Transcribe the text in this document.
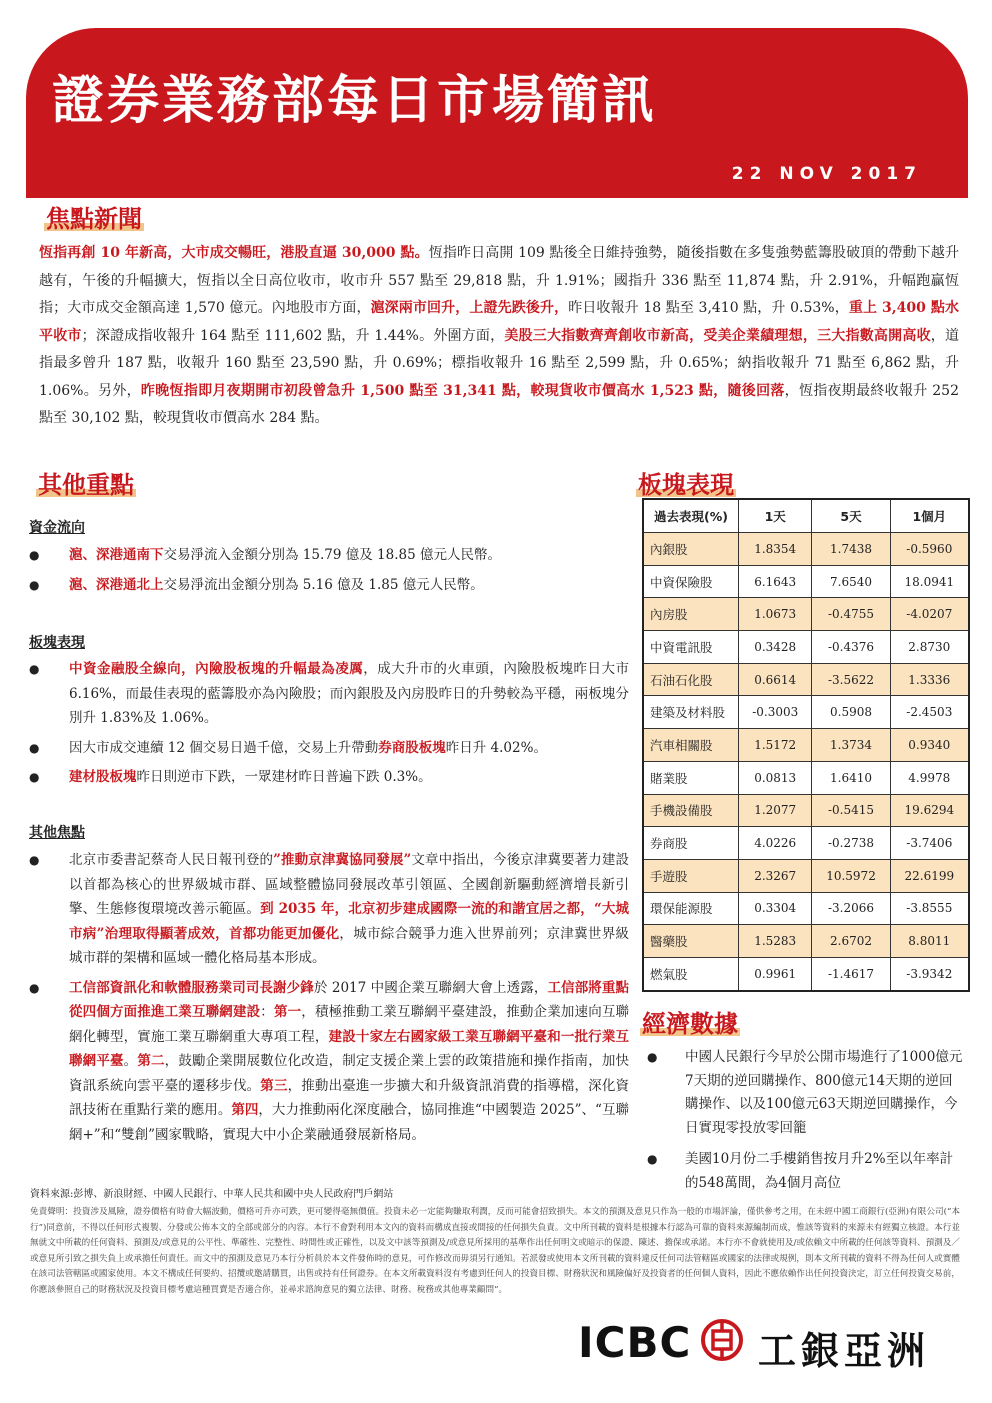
證券業務部每日市場簡訊
22 NOV 2017
焦點新聞
恆指再創 10 年新高，大市成交暢旺，港股直逼 30,000 點。恆指昨日高開 109 點後全日維持強勢，隨後指數在多隻強勢藍籌股破頂的帶動下越升越有，午後的升幅擴大，恆指以全日高位收市，收市升 557 點至 29,818 點，升 1.91%；國指升 336 點至 11,874 點，升 2.91%，升幅跑贏恆指；大市成交金額高達 1,570 億元。內地股市方面，滬深兩市回升，上證先跌後升，昨日收報升 18 點至 3,410 點，升 0.53%，重上 3,400 點水平收市；深證成指收報升 164 點至 111,602 點，升 1.44%。外圍方面，美股三大指數齊齊創收市新高，受美企業績理想，三大指數高開高收，道指最多曾升 187 點，收報升 160 點至 23,590 點，升 0.69%；標指收報升 16 點至 2,599 點，升 0.65%；納指收報升 71 點至 6,862 點，升 1.06%。另外，昨晚恆指即月夜期開市初段曾急升 1,500 點至 31,341 點，較現貨收市價高水 1,523 點，隨後回落，恆指夜期最終收報升 252 點至 30,102 點，較現貨收市價高水 284 點。
其他重點
資金流向
● 滬、深港通南下交易淨流入金額分別為 15.79 億及 18.85 億元人民幣。
● 滬、深港通北上交易淨流出金額分別為 5.16 億及 1.85 億元人民幣。
板塊表現
● 中資金融股全線向，內險股板塊的升幅最為凌厲，成大升市的火車頭，內險股板塊昨日大市 6.16%，而最佳表現的藍籌股亦為內險股；而內銀股及內房股昨日的升勢較為平穩，兩板塊分別升 1.83%及 1.06%。
● 因大市成交連續 12 個交易日過千億，交易上升帶動券商股板塊昨日升 4.02%。
● 建材股板塊昨日則逆市下跌，一眾建材昨日普遍下跌 0.3%。
其他焦點
● 北京市委書記蔡奇人民日報刊登的”推動京津冀協同發展”文章中指出，今後京津冀要著力建設以首都為核心的世界級城市群、區域整體協同發展改革引領區、全國創新驅動經濟增長新引擎、生態修復環境改善示範區。到 2035 年，北京初步建成國際一流的和諧宜居之都，“大城市病”治理取得顯著成效，首都功能更加優化，城市綜合競爭力進入世界前列；京津冀世界級城市群的架構和區域一體化格局基本形成。
● 工信部資訊化和軟體服務業司司長謝少鋒於 2017 中國企業互聯網大會上透露，工信部將重點從四個方面推進工業互聯網建設：第一，積極推動工業互聯網平臺建設，推動企業加速向互聯網化轉型，實施工業互聯網重大專項工程，建設十家左右國家級工業互聯網平臺和一批行業互聯網平臺。第二，鼓勵企業開展數位化改造，制定支援企業上雲的政策措施和操作指南，加快資訊系統向雲平臺的遷移步伐。第三，推動出臺進一步擴大和升級資訊消費的指導檔，深化資訊技術在重點行業的應用。第四，大力推動兩化深度融合，協同推進“中國製造 2025”、“互聯網+”和“雙創”國家戰略，實現大中小企業融通發展新格局。
板塊表現
過去表現(%)	1天	5天	1個月
內銀股	1.8354	1.7438	-0.5960
中資保險股	6.1643	7.6540	18.0941
內房股	1.0673	-0.4755	-4.0207
中資電訊股	0.3428	-0.4376	2.8730
石油石化股	0.6614	-3.5622	1.3336
建築及材料股	-0.3003	0.5908	-2.4503
汽車相關股	1.5172	1.3734	0.9340
賭業股	0.0813	1.6410	4.9978
手機設備股	1.2077	-0.5415	19.6294
券商股	4.0226	-0.2738	-3.7406
手遊股	2.3267	10.5972	22.6199
環保能源股	0.3304	-3.2066	-3.8555
醫藥股	1.5283	2.6702	8.8011
燃氣股	0.9961	-1.4617	-3.9342
經濟數據
● 中國人民銀行今早於公開市場進行了1000億元7天期的逆回購操作、800億元14天期的逆回購操作、以及100億元63天期逆回購操作，今日實現零投放零回籠
● 美國10月份二手樓銷售按月升2%至以年率計的548萬間，為4個月高位
資料來源:彭博、新浪財經、中國人民銀行、中華人民共和國中央人民政府門戶網站
免責聲明：投資涉及風險，證券價格有時會大幅波動，價格可升亦可跌，更可變得毫無價值。投資未必一定能夠賺取利潤，反而可能會招致損失。本文的預測及意見只作為一般的市場評論，僅供參考之用，在未經中國工商銀行(亞洲)有限公司(“本行”)同意前，不得以任何形式複製、分發或公佈本文的全部或部分的內容。本行不會對利用本文內的資料而構成直接或間接的任何損失負責。文中所刊載的資料是根據本行認為可靠的資料來源編制而成，惟該等資料的來源未有經獨立核證。本行並無就文中所載的任何資料、預測及/或意見的公平性、準確性、完整性、時間性或正確性，以及文中該等預測及/或意見所採用的基準作出任何明文或暗示的保證、陳述、擔保或承諾。本行亦不會就使用及/或依賴文中所載的任何該等資料、預測及／或意見所引致之損失負上或承擔任何責任。而文中的預測及意見乃本行分析員於本文件發佈時的意見，可作修改而毋須另行通知。若派發或使用本文所刊載的資料違反任何司法管轄區或國家的法律或規例，則本文所刊載的資料不得為任何人或實體在該司法管轄區或國家使用。本文不構成任何要約、招攬或邀請購買，出售或持有任何證券。在本文所載資料沒有考慮到任何人的投資目標、財務狀況和風險偏好及投資者的任何個人資料，因此不應依賴作出任何投資決定，訂立任何投資交易前，你應該參照自己的財務狀況及投資目標考慮這種買賣是否適合你，並尋求諮詢意見的獨立法律、財務、稅務或其他專業顧問”。
ICBC 工銀亞洲
